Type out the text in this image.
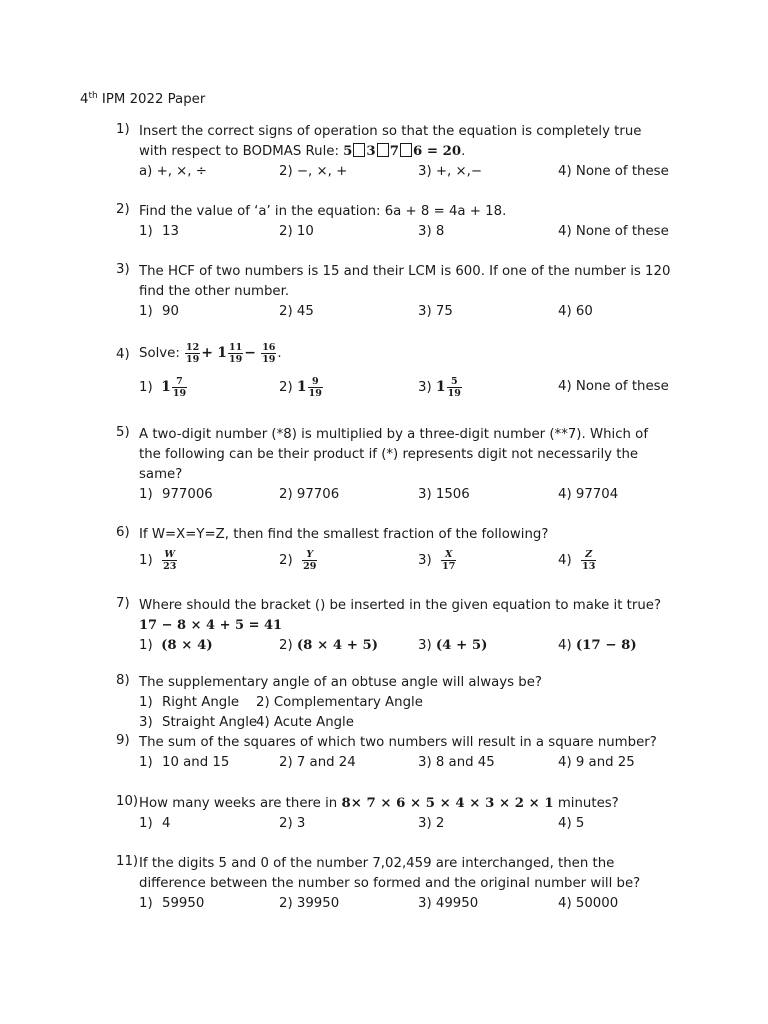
4th IPM 2022 Paper
1) Insert the correct signs of operation so that the equation is completely true
with respect to BODMAS Rule: 5 3 7 6 = 20.
a) +, ×, ÷	2) −, ×, +	3) +, ×,−	4) None of these
2) Find the value of ‘a’ in the equation: 6a + 8 = 4a + 18.
1) 13	2) 10	3) 8	4) None of these
3) The HCF of two numbers is 15 and their LCM is 600. If one of the number is 120
find the other number.
1) 90	2) 45	3) 75	4) 60
4) Solve: $\frac{12}{19} + 1 \frac{11}{19} - \frac{16}{19}$ .
1) $1 \frac{7}{19}$	2) $1 \frac{9}{19}$	3) $1 \frac{5}{19}$	4) None of these
5) A two-digit number (*8) is multiplied by a three-digit number (**7). Which of
the following can be their product if (*) represents digit not necessarily the
same?
1) 977006	2) 97706	3) 1506	4) 97704
6) If W=X=Y=Z, then find the smallest fraction of the following?
$1) \frac{W}{23}$	$2) \frac{Y}{29}$	$3) \frac{X}{17}$	$4) \frac{Z}{13}$
7) Where should the bracket () be inserted in the given equation to make it true?
17 − 8 × 4 + 5 = 41
1) (8 × 4)	2) (8 × 4 + 5)	3) (4 + 5)	4) (17 − 8)
8) The supplementary angle of an obtuse angle will always be?
1) Right Angle 2) Complementary Angle
3) Straight Angle
4) Acute Angle
9) The sum of the squares of which two numbers will result in a square number?
1) 10 and 15	2) 7 and 24	3) 8 and 45	4) 9 and 25
10) How many weeks are there in 8× 7 × 6 × 5 × 4 × 3 × 2 × 1 minutes?
1) 4	2) 3	3) 2	4) 5
11) If the digits 5 and 0 of the number 7,02,459 are interchanged, then the
difference between the number so formed and the original number will be?
1) 59950	2) 39950	3) 49950	4) 50000
